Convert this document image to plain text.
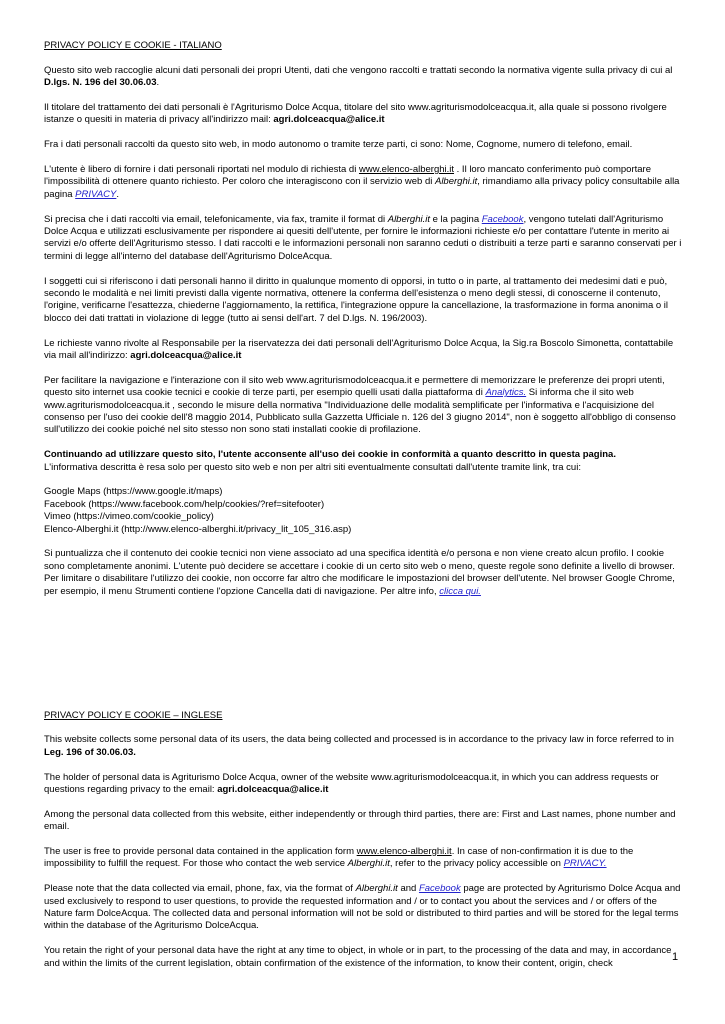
PRIVACY POLICY E COOKIE - ITALIANO

Questo sito web raccoglie alcuni dati personali dei propri Utenti, dati che vengono raccolti e trattati secondo la normativa vigente sulla privacy di cui al D.lgs. N. 196 del 30.06.03.

Il titolare del trattamento dei dati personali è l'Agriturismo Dolce Acqua, titolare del sito www.agriturismodolceacqua.it, alla quale si possono rivolgere istanze o quesiti in materia di privacy all'indirizzo mail: agri.dolceacqua@alice.it

Fra i dati personali raccolti da questo sito web, in modo autonomo o tramite terze parti, ci sono: Nome, Cognome, numero di telefono, email.

L'utente è libero di fornire i dati personali riportati nel modulo di richiesta di www.elenco-alberghi.it . Il loro mancato conferimento può comportare l'impossibilità di ottenere quanto richiesto. Per coloro che interagiscono con il servizio web di Alberghi.it, rimandiamo alla privacy policy consultabile alla pagina PRIVACY.

Si precisa che i dati raccolti via email, telefonicamente, via fax, tramite il format di Alberghi.it e la pagina Facebook, vengono tutelati dall'Agriturismo Dolce Acqua e utilizzati esclusivamente per rispondere ai quesiti dell'utente, per fornire le informazioni richieste e/o per contattare l'utente in merito ai servizi e/o offerte dell'Agriturismo stesso. I dati raccolti e le informazioni personali non saranno ceduti o distribuiti a terze parti e saranno conservati per i termini di legge all'interno del database dell'Agriturismo DolceAcqua.

I soggetti cui si riferiscono i dati personali hanno il diritto in qualunque momento di opporsi, in tutto o in parte, al trattamento dei medesimi dati e può, secondo le modalità e nei limiti previsti dalla vigente normativa, ottenere la conferma dell'esistenza o meno degli stessi, di conoscerne il contenuto, l'origine, verificarne l'esattezza, chiederne l'aggiornamento, la rettifica, l'integrazione oppure la cancellazione, la trasformazione in forma anonima o il blocco dei dati trattati in violazione di legge (tutto ai sensi dell'art. 7 del D.lgs. N. 196/2003).

Le richieste vanno rivolte al Responsabile per la riservatezza dei dati personali dell'Agriturismo Dolce Acqua, la Sig.ra Boscolo Simonetta, contattabile via mail all'indirizzo: agri.dolceacqua@alice.it

Per facilitare la navigazione e l'interazione con il sito web www.agriturismodolceacqua.it e permettere di memorizzare le preferenze dei propri utenti, questo sito internet usa cookie tecnici e cookie di terze parti, per esempio quelli usati dalla piattaforma di Analytics. Si informa che il sito web www.agriturismodolceacqua.it , secondo le misure della normativa "Individuazione delle modalità semplificate per l'informativa e l'acquisizione del consenso per l'uso dei cookie dell'8 maggio 2014, Pubblicato sulla Gazzetta Ufficiale n. 126 del 3 giugno 2014", non è soggetto all'obbligo di consenso sull'utilizzo dei cookie poiché nel sito stesso non sono stati installati cookie di profilazione.

Continuando ad utilizzare questo sito, l'utente acconsente all'uso dei cookie in conformità a quanto descritto in questa pagina.
L'informativa descritta è resa solo per questo sito web e non per altri siti eventualmente consultati dall'utente tramite link, tra cui:

Google Maps (https://www.google.it/maps)
Facebook (https://www.facebook.com/help/cookies/?ref=sitefooter)
Vimeo (https://vimeo.com/cookie_policy)
Elenco-Alberghi.it (http://www.elenco-alberghi.it/privacy_lit_105_316.asp)

Si puntualizza che il contenuto dei cookie tecnici non viene associato ad una specifica identità e/o persona e non viene creato alcun profilo. I cookie sono completamente anonimi. L'utente può decidere se accettare i cookie di un certo sito web o meno, queste regole sono definite a livello di browser. Per limitare o disabilitare l'utilizzo dei cookie, non occorre far altro che modificare le impostazioni del browser dell'utente. Nel browser Google Chrome, per esempio, il menu Strumenti contiene l'opzione Cancella dati di navigazione. Per altre info, clicca qui.

PRIVACY POLICY E COOKIE – INGLESE

This website collects some personal data of its users, the data being collected and processed is in accordance to the privacy law in force referred to in Leg. 196 of 30.06.03.

The holder of personal data is Agriturismo Dolce Acqua, owner of the website www.agriturismodolceacqua.it, in which you can address requests or questions regarding privacy to the email: agri.dolceacqua@alice.it

Among the personal data collected from this website, either independently or through third parties, there are: First and Last names, phone number and email.

The user is free to provide personal data contained in the application form www.elenco-alberghi.it. In case of non-confirmation it is due to the impossibility to fulfill the request. For those who contact the web service Alberghi.it, refer to the privacy policy accessible on PRIVACY.

Please note that the data collected via email, phone, fax, via the format of Alberghi.it and Facebook page are protected by Agriturismo Dolce Acqua and used exclusively to respond to user questions, to provide the requested information and / or to contact you about the services and / or offers of the Nature farm DolceAcqua. The collected data and personal information will not be sold or distributed to third parties and will be stored for the legal terms within the database of the Agriturismo DolceAcqua.

You retain the right of your personal data have the right at any time to object, in whole or in part, to the processing of the data and may, in accordance and within the limits of the current legislation, obtain confirmation of the existence of the information, to know their content, origin, check

1
